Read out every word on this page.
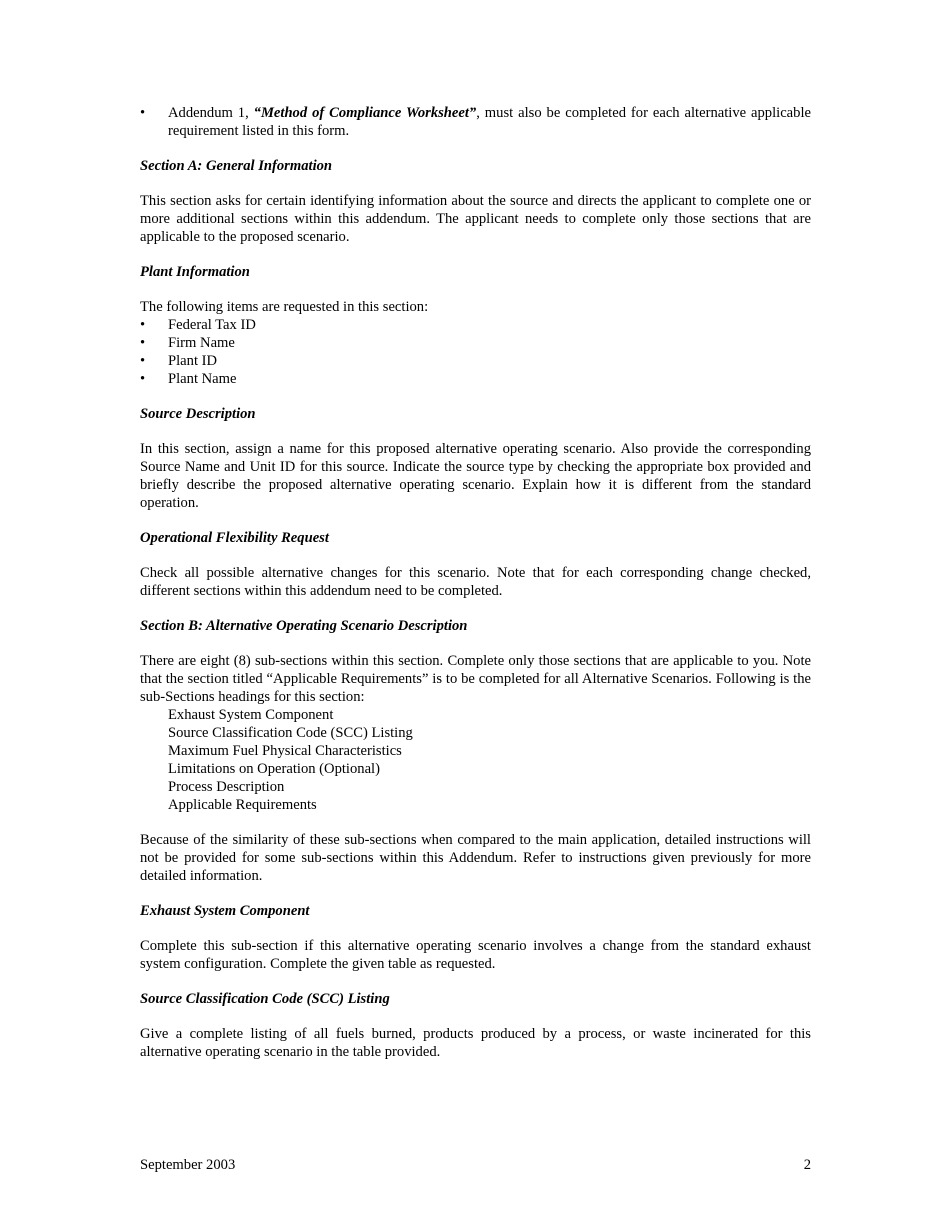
•	Addendum 1, “Method of Compliance Worksheet”, must also be completed for each alternative applicable requirement listed in this form.

Section A: General Information

This section asks for certain identifying information about the source and directs the applicant to complete one or more additional sections within this addendum. The applicant needs to complete only those sections that are applicable to the proposed scenario.

Plant Information

The following items are requested in this section:

•	Federal Tax ID

•	Firm Name

•	Plant ID

•	Plant Name

Source Description

In this section, assign a name for this proposed alternative operating scenario. Also provide the corresponding Source Name and Unit ID for this source. Indicate the source type by checking the appropriate box provided and briefly describe the proposed alternative operating scenario. Explain how it is different from the standard operation.

Operational Flexibility Request

Check all possible alternative changes for this scenario. Note that for each corresponding change checked, different sections within this addendum need to be completed.

Section B: Alternative Operating Scenario Description

There are eight (8) sub-sections within this section. Complete only those sections that are applicable to you. Note that the section titled “Applicable Requirements” is to be completed for all Alternative Scenarios. Following is the sub-Sections headings for this section:

Exhaust System Component

Source Classification Code (SCC) Listing

Maximum Fuel Physical Characteristics

Limitations on Operation (Optional)

Process Description

Applicable Requirements

Because of the similarity of these sub-sections when compared to the main application, detailed instructions will not be provided for some sub-sections within this Addendum. Refer to instructions given previously for more detailed information.

Exhaust System Component

Complete this sub-section if this alternative operating scenario involves a change from the standard exhaust system configuration. Complete the given table as requested.

Source Classification Code (SCC) Listing

Give a complete listing of all fuels burned, products produced by a process, or waste incinerated for this alternative operating scenario in the table provided.

September 2003	2
